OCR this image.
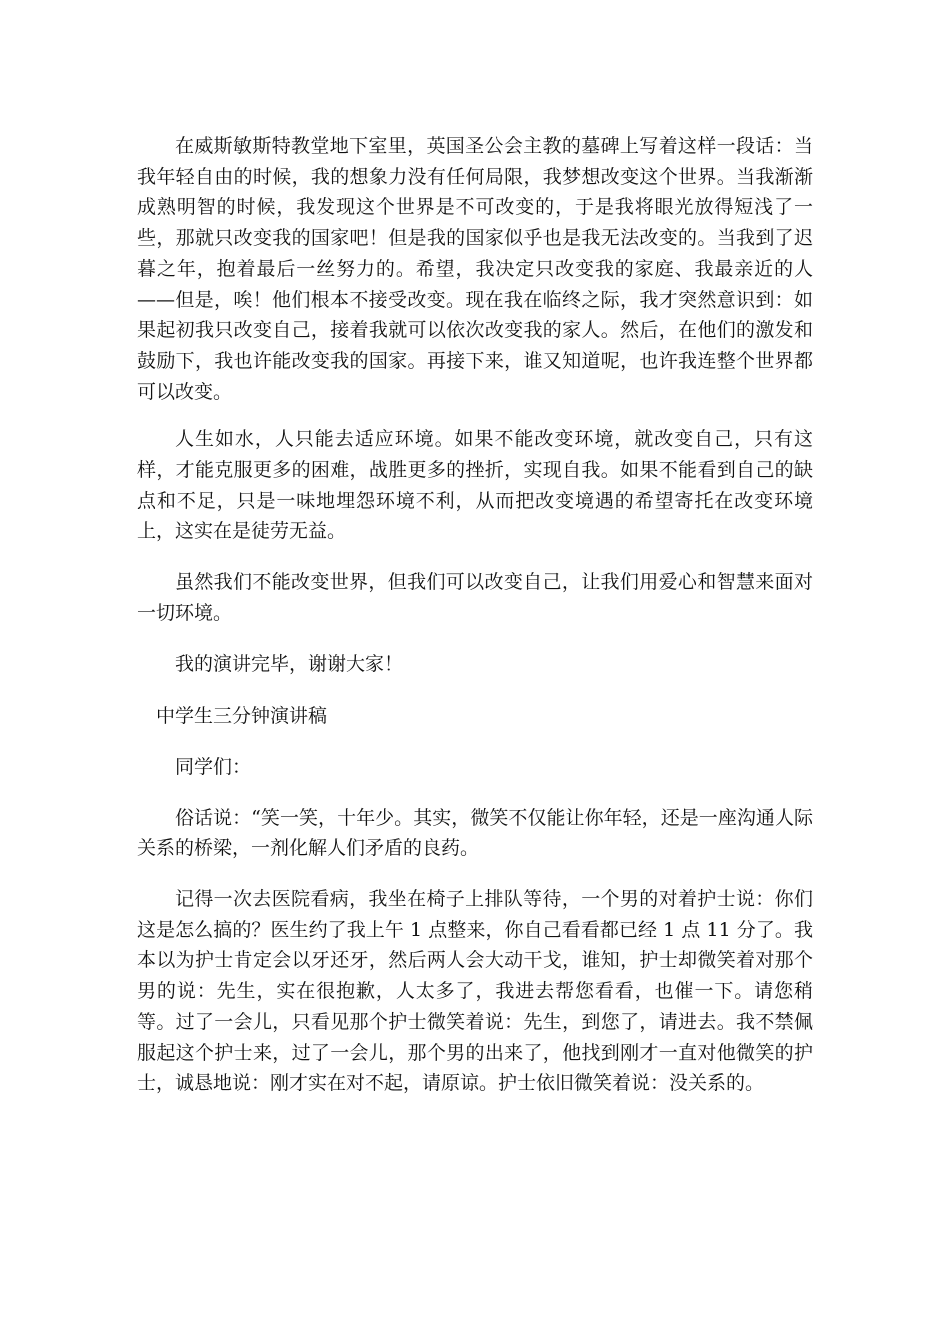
在威斯敏斯特教堂地下室里，英国圣公会主教的墓碑上写着这样一段话：当我年轻自由的时候，我的想象力没有任何局限，我梦想改变这个世界。当我渐渐成熟明智的时候，我发现这个世界是不可改变的，于是我将眼光放得短浅了一些，那就只改变我的国家吧！但是我的国家似乎也是我无法改变的。当我到了迟暮之年，抱着最后一丝努力的。希望，我决定只改变我的家庭、我最亲近的人——但是，唉！他们根本不接受改变。现在我在临终之际，我才突然意识到：如果起初我只改变自己，接着我就可以依次改变我的家人。然后，在他们的激发和鼓励下，我也许能改变我的国家。再接下来，谁又知道呢，也许我连整个世界都可以改变。

人生如水，人只能去适应环境。如果不能改变环境，就改变自己，只有这样，才能克服更多的困难，战胜更多的挫折，实现自我。如果不能看到自己的缺点和不足，只是一味地埋怨环境不利，从而把改变境遇的希望寄托在改变环境上，这实在是徒劳无益。

虽然我们不能改变世界，但我们可以改变自己，让我们用爱心和智慧来面对一切环境。

我的演讲完毕，谢谢大家！

中学生三分钟演讲稿

同学们：

俗话说：“笑一笑，十年少。其实，微笑不仅能让你年轻，还是一座沟通人际关系的桥梁，一剂化解人们矛盾的良药。

记得一次去医院看病，我坐在椅子上排队等待，一个男的对着护士说：你们这是怎么搞的？医生约了我上午 1 点整来，你自己看看都已经 1 点 11 分了。我本以为护士肯定会以牙还牙，然后两人会大动干戈，谁知，护士却微笑着对那个男的说：先生，实在很抱歉，人太多了，我进去帮您看看，也催一下。请您稍等。过了一会儿，只看见那个护士微笑着说：先生，到您了，请进去。我不禁佩服起这个护士来，过了一会儿，那个男的出来了，他找到刚才一直对他微笑的护士，诚恳地说：刚才实在对不起，请原谅。护士依旧微笑着说：没关系的。
